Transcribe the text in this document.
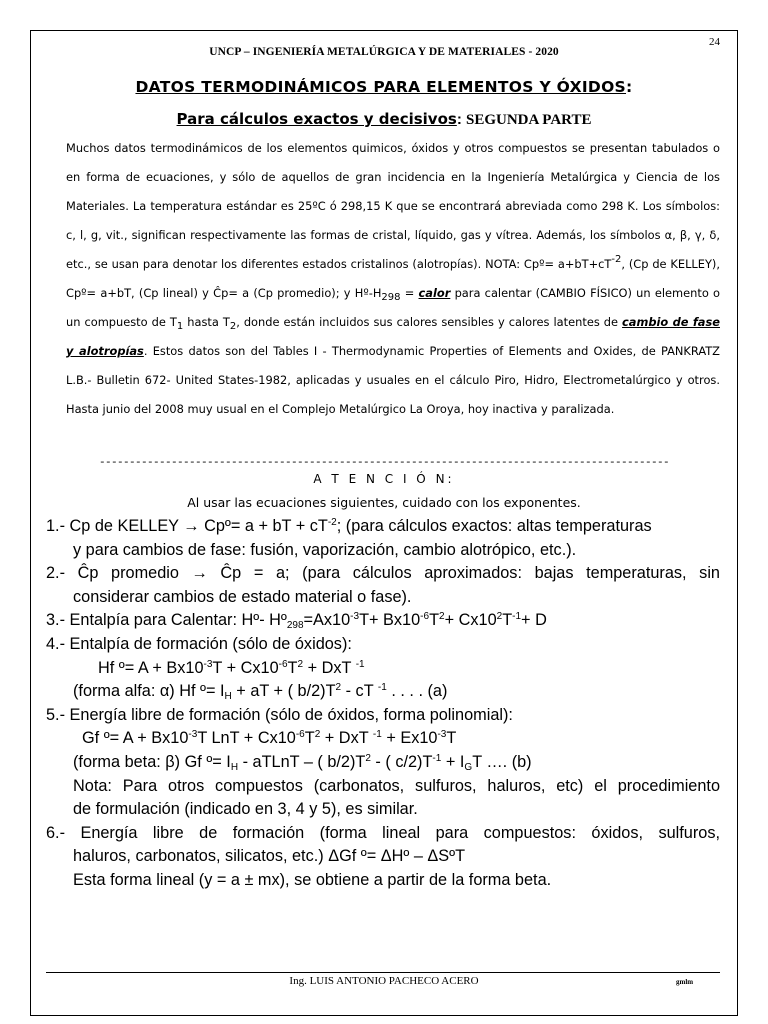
24
UNCP – INGENIERÍA METALÚRGICA Y DE MATERIALES - 2020
DATOS TERMODINÁMICOS PARA ELEMENTOS Y ÓXIDOS:
Para cálculos exactos y decisivos: SEGUNDA PARTE

Muchos datos termodinámicos de los elementos quimicos, óxidos y otros compuestos se presentan tabulados o en forma de ecuaciones, y sólo de aquellos de gran incidencia en la Ingeniería Metalúrgica y Ciencia de los Materiales. La temperatura estándar es 25ºC ó 298,15 K que se encontrará abreviada como 298 K. Los símbolos: c, l, g, vit., significan respectivamente las formas de cristal, líquido, gas y vítrea. Además, los símbolos α, β, γ, δ, etc., se usan para denotar los diferentes estados cristalinos (alotropías). NOTA: Cpº= $a+bT+cT^{-2}$, (Cp de KELLEY), Cpº= a+bT, (Cp lineal) y Ĉp= a (Cp promedio); y $Hº-H_{298}$ = calor para calentar (CAMBIO FÍSICO) un elemento o un compuesto de $T_1$ hasta $T_2$, donde están incluidos sus calores sensibles y calores latentes de cambio de fase y alotropías. Estos datos son del Tables I - Thermodynamic Properties of Elements and Oxides, de PANKRATZ L.B.- Bulletin 672- United States-1982, aplicadas y usuales en el cálculo Piro, Hidro, Electrometalúrgico y otros. Hasta junio del 2008 muy usual en el Complejo Metalúrgico La Oroya, hoy inactiva y paralizada.

-----------------------------------------------------------------------------------------------
A T E N C I Ó N:
Al usar las ecuaciones siguientes, cuidado con los exponentes.
1.- Cp de KELLEY → Cpº= a + bT + $cT^{-2}$; (para cálculos exactos: altas temperaturas
y para cambios de fase: fusión, vaporización, cambio alotrópico, etc.).
2.- Ĉp promedio → Ĉp = a; (para cálculos aproximados: bajas temperaturas, sin
considerar cambios de estado material o fase).
3.- Entalpía para Calentar: Hº- $Hº_{298}=Ax10^{-3}T+ Bx10^{-6}T^2+ Cx10^2T^{-1}+ D$
4.- Entalpía de formación (sólo de óxidos):
Hf º= $A + Bx10^{-3}T + Cx10^{-6}T^2$ + DxT $^{-1}$
(forma alfa: α) Hf º= $I_H$ + aT + ( $b/2)T^2$ - cT $^{-1}$ . . . . (a)
5.- Energía libre de formación (sólo de óxidos, forma polinomial):
Gf º= $A + Bx10^{-3}T$ LnT + $Cx10^{-6}T^2$ + DxT $^{-1} + Ex10^{-3}T$
(forma beta: β) Gf º= $I_H$ - aTLnT – ( $b/2)T^2$ - ( $c/2)T^{-1} + I_GT$ …. (b)
Nota: Para otros compuestos (carbonatos, sulfuros, haluros, etc) el procedimiento
de formulación (indicado en 3, 4 y 5), es similar.
6.- Energía libre de formación (forma lineal para compuestos: óxidos, sulfuros,
haluros, carbonatos, silicatos, etc.) ΔGf º= ΔHº – ΔSºT
Esta forma lineal (y = a ± mx), se obtiene a partir de la forma beta.
Ing. LUIS ANTONIO PACHECO ACERO	gmlm
